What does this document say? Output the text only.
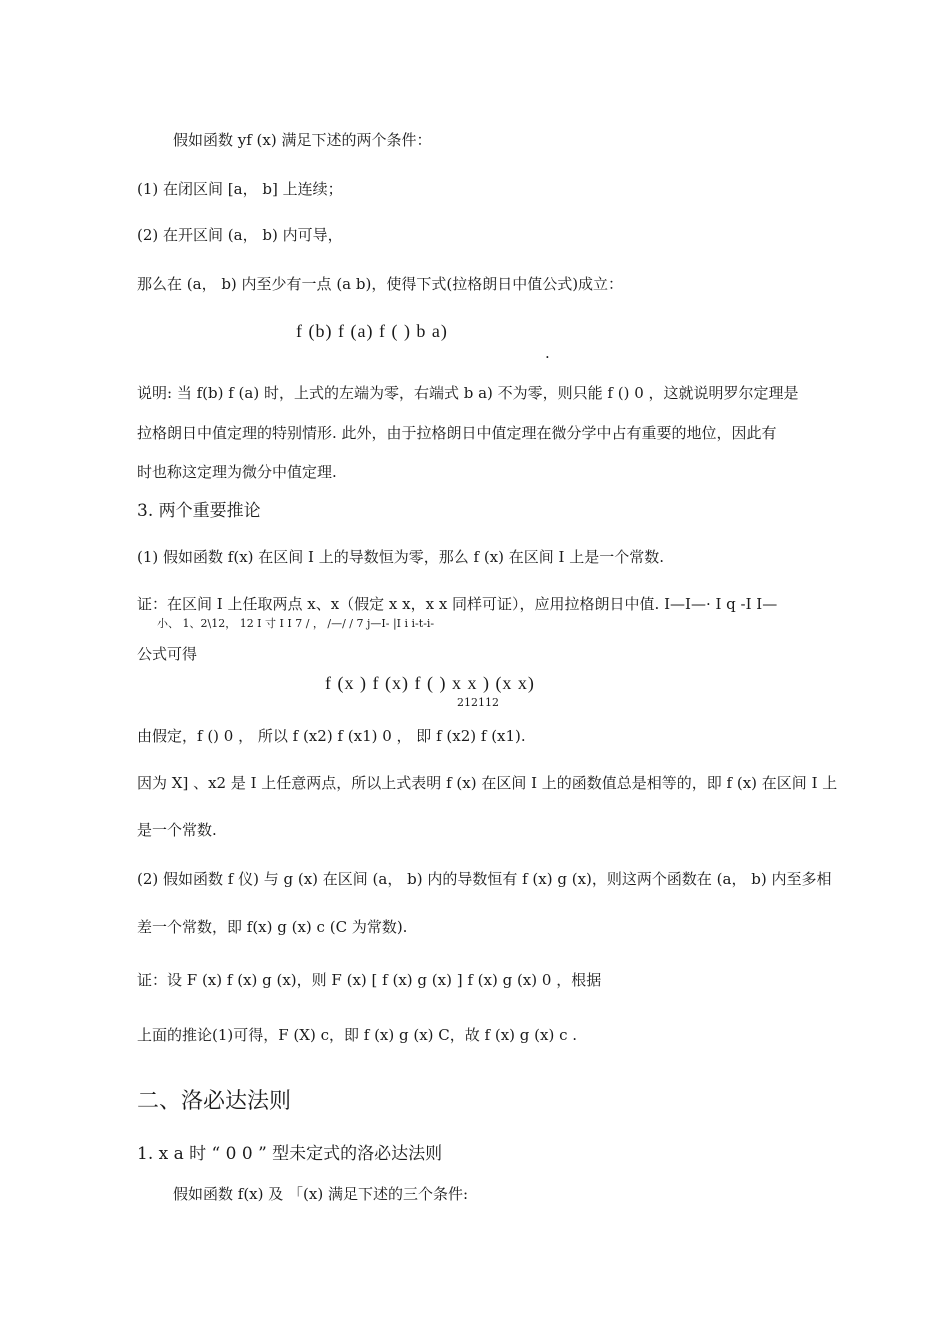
假如函数 yf (x) 满足下述的两个条件：
(1) 在闭区间 [a， b] 上连续；
(2) 在开区间 (a， b) 内可导，
那么在 (a， b) 内至少有一点 (a b)，使得下式(拉格朗日中值公式)成立：
f (b) f (a) f ( ) b a)
.
说明: 当 f(b) f (a) 时，上式的左端为零，右端式 b a) 不为零，则只能 f () 0 ，这就说明罗尔定理是
拉格朗日中值定理的特别情形. 此外，由于拉格朗日中值定理在微分学中占有重要的地位，因此有
时也称这定理为微分中值定理.
3. 两个重要推论
(1) 假如函数 f(x) 在区间 I 上的导数恒为零，那么 f (x) 在区间 I 上是一个常数.
证：在区间 I 上任取两点 x、x（假定 x x，x x 同样可证），应用拉格朗日中值. I—I—· I q -I I—
小、 1、2\12， 12 I 寸 I I 7 / ， /—/ / 7 j—I- |I i i-t-i-
公式可得
f (x ) f (x) f ( ) x x ) (x x)
212112
由假定，f () 0 ， 所以 f (x2) f (x1) 0 ， 即 f (x2) f (x1).
因为 X] 、x2 是 I 上任意两点，所以上式表明 f (x) 在区间 I 上的函数值总是相等的，即 f (x) 在区间 I 上
是一个常数.
(2) 假如函数 f 仪) 与 g (x) 在区间 (a， b) 内的导数恒有 f (x) g (x)，则这两个函数在 (a， b) 内至多相
差一个常数，即 f(x) g (x) c (C 为常数).
证：设 F (x) f (x) g (x)，则 F (x) [ f (x) g (x) ] f (x) g (x) 0 ，根据
上面的推论(1)可得，F (X) c，即 f (x) g (x) C，故 f (x) g (x) c .
二、洛必达法则
1. x a 时 “ 0 0 ” 型未定式的洛必达法则
假如函数 f(x) 及 「(x) 满足下述的三个条件:
